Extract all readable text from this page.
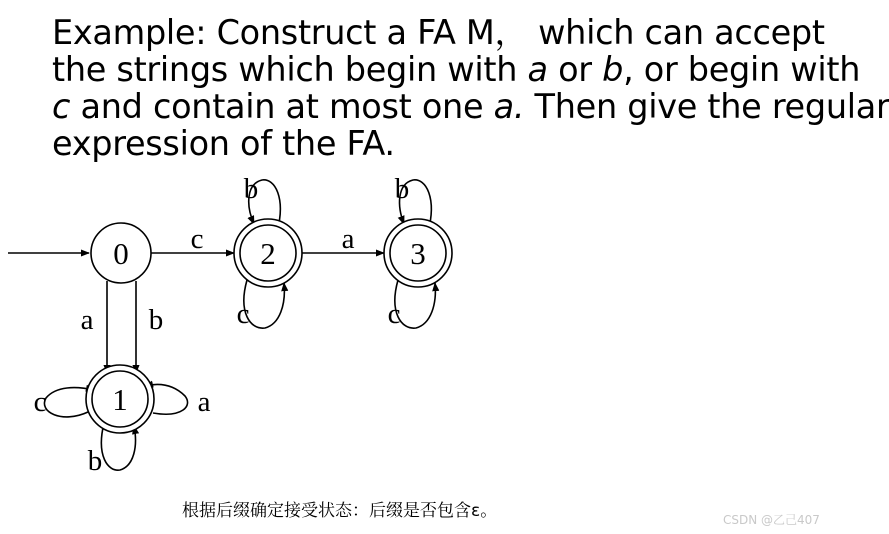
Example: Construct a FA M， which can accept
the strings which begin with a or b, or begin with
c and contain at most one a. Then give the regular
expression of the FA.
0	2	3
1
c	a
a b
b
c
b
c
c	a
b
根据后缀确定接受状态：后缀是否包含ε。	CSDN @乙己407
